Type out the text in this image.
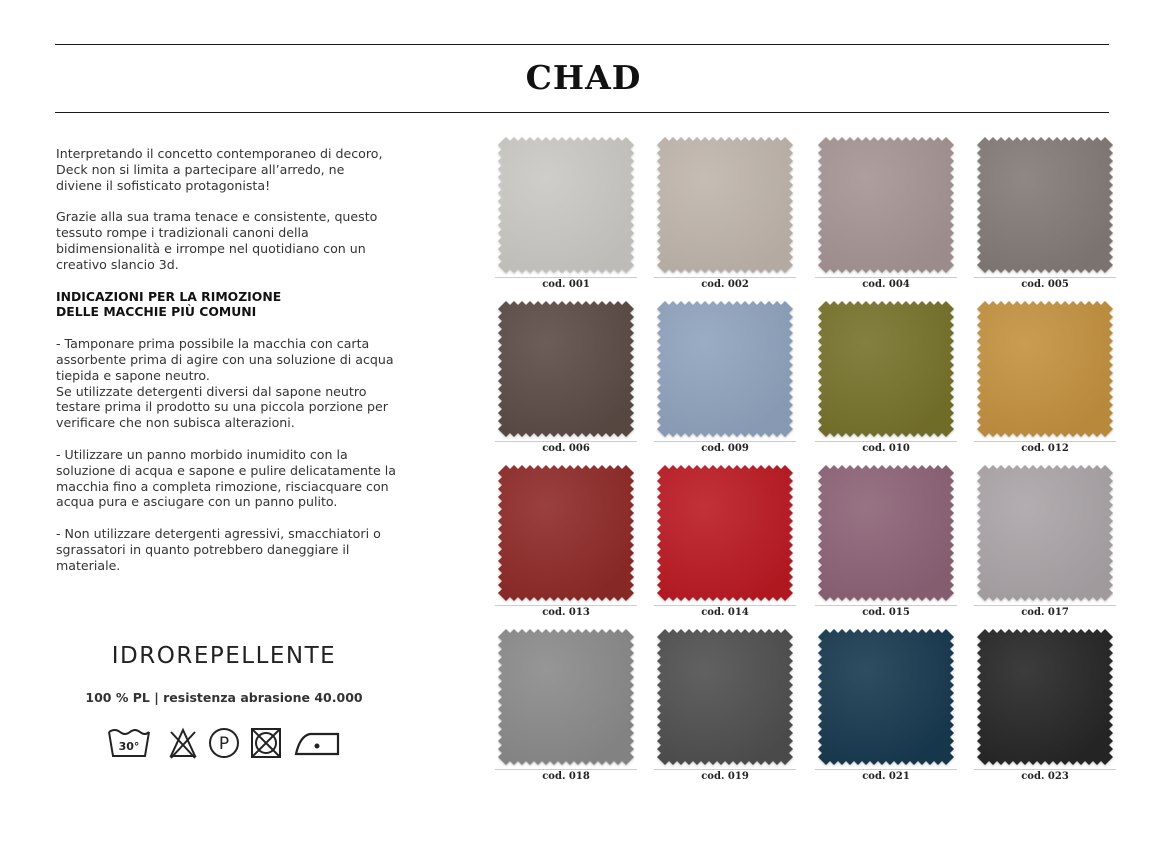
CHAD

Interpretando il concetto contemporaneo di decoro,
Deck non si limita a partecipare all’arredo, ne
diviene il sofisticato protagonista!

Grazie alla sua trama tenace e consistente, questo
tessuto rompe i tradizionali canoni della
bidimensionalità e irrompe nel quotidiano con un
creativo slancio 3d.

INDICAZIONI PER LA RIMOZIONE
DELLE MACCHIE PIÙ COMUNI

- Tamponare prima possibile la macchia con carta
assorbente prima di agire con una soluzione di acqua
tiepida e sapone neutro.
Se utilizzate detergenti diversi dal sapone neutro
testare prima il prodotto su una piccola porzione per
verificare che non subisca alterazioni.

- Utilizzare un panno morbido inumidito con la
soluzione di acqua e sapone e pulire delicatamente la
macchia fino a completa rimozione, risciacquare con
acqua pura e asciugare con un panno pulito.

- Non utilizzare detergenti agressivi, smacchiatori o
sgrassatori in quanto potrebbero daneggiare il
materiale.

IDROREPELLENTE
100 % PL | resistenza abrasione 40.000
30°	P
cod. 001	cod. 002	cod. 004	cod. 005
cod. 006	cod. 009	cod. 010	cod. 012
cod. 013	cod. 014	cod. 015	cod. 017
cod. 018	cod. 019	cod. 021	cod. 023
